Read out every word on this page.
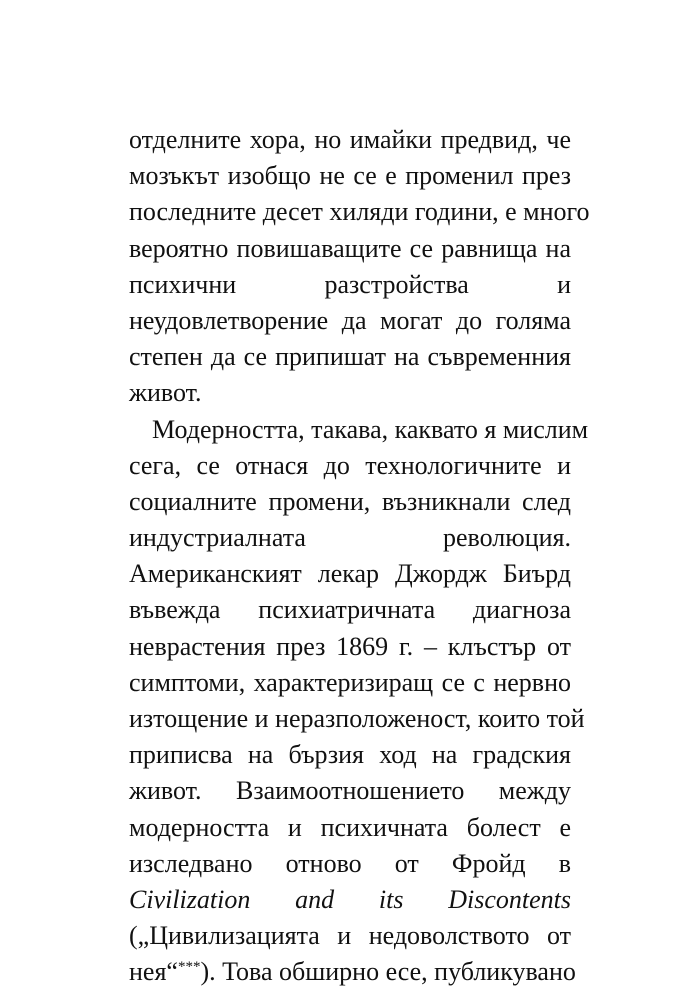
отделните хора, но имайки предвид, че
мозъкът изобщо не се е променил през
последните десет хиляди години, е много
вероятно повишаващите се равнища на
психични разстройства и
неудовлетворение да могат до голяма
степен да се припишат на съвременния
живот.
Модерността, такава, каквато я мислим
сега, се отнася до технологичните и
социалните промени, възникнали след
индустриалната революция.
Американският лекар Джордж Биърд
въвежда психиатричната диагноза
неврастения през 1869 г. – клъстър от
симптоми, характеризиращ се с нервно
изтощение и неразположеност, които той
приписва на бързия ход на градския
живот. Взаимоотношението между
модерността и психичната болест е
изследвано отново от Фройд в
Civilization and its Discontents
(„Цивилизацията и недоволството от
нея“***). Това обширно есе, публикувано
